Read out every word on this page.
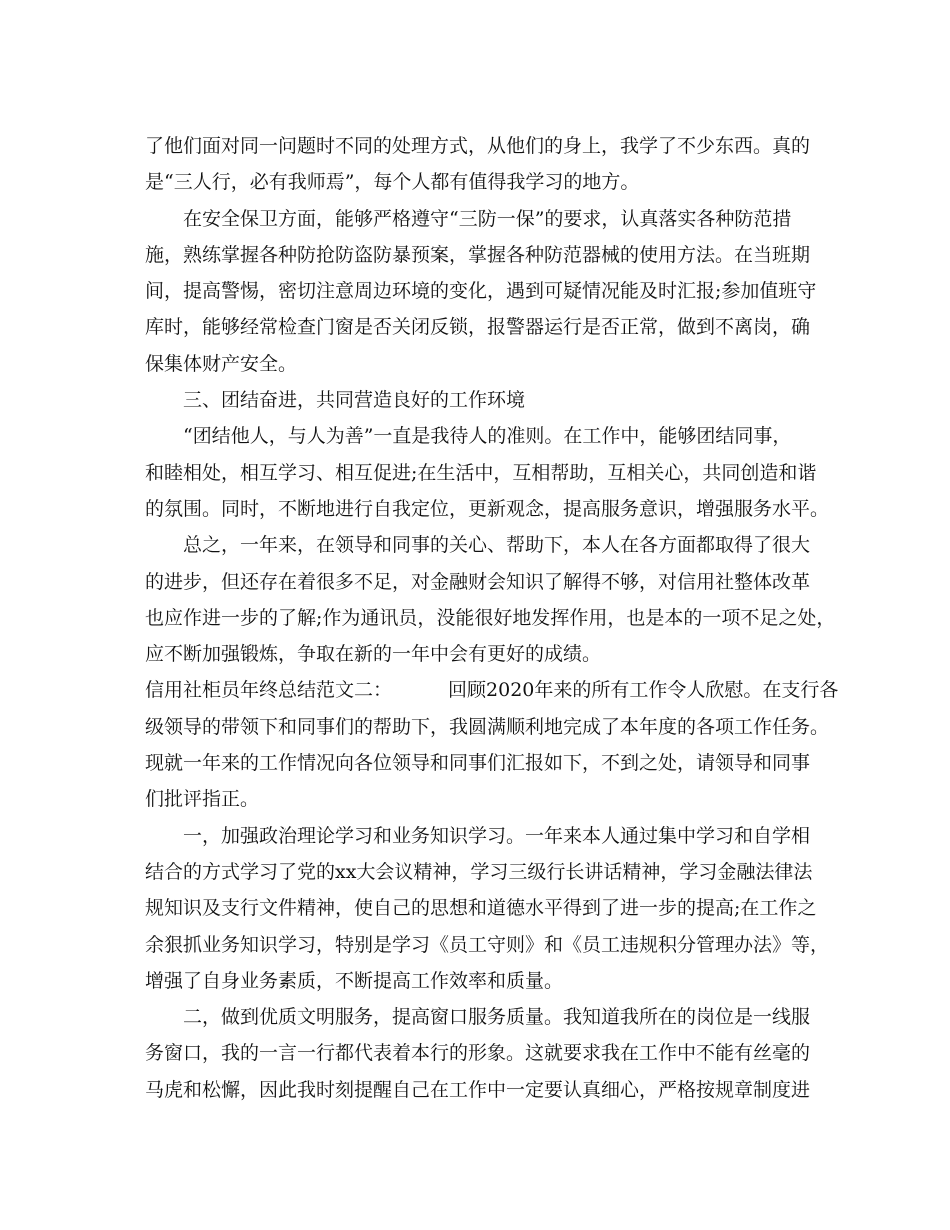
了他们面对同一问题时不同的处理方式，从他们的身上，我学了不少东西。真的
是“三人行，必有我师焉”，每个人都有值得我学习的地方。
在安全保卫方面，能够严格遵守“三防一保”的要求，认真落实各种防范措
施，熟练掌握各种防抢防盗防暴预案，掌握各种防范器械的使用方法。在当班期
间，提高警惕，密切注意周边环境的变化，遇到可疑情况能及时汇报;参加值班守
库时，能够经常检查门窗是否关闭反锁，报警器运行是否正常，做到不离岗，确
保集体财产安全。
三、团结奋进，共同营造良好的工作环境
“团结他人，与人为善”一直是我待人的准则。在工作中，能够团结同事，
和睦相处，相互学习、相互促进;在生活中，互相帮助，互相关心，共同创造和谐
的氛围。同时，不断地进行自我定位，更新观念，提高服务意识，增强服务水平。
总之，一年来，在领导和同事的关心、帮助下，本人在各方面都取得了很大
的进步，但还存在着很多不足，对金融财会知识了解得不够，对信用社整体改革
也应作进一步的了解;作为通讯员，没能很好地发挥作用，也是本的一项不足之处，
应不断加强锻炼，争取在新的一年中会有更好的成绩。
信用社柜员年终总结范文二：	回顾2020年来的所有工作令人欣慰。在支行各
级领导的带领下和同事们的帮助下，我圆满顺利地完成了本年度的各项工作任务。
现就一年来的工作情况向各位领导和同事们汇报如下，不到之处，请领导和同事
们批评指正。
一，加强政治理论学习和业务知识学习。一年来本人通过集中学习和自学相
结合的方式学习了党的xx大会议精神，学习三级行长讲话精神，学习金融法律法
规知识及支行文件精神，使自己的思想和道德水平得到了进一步的提高;在工作之
余狠抓业务知识学习，特别是学习《员工守则》和《员工违规积分管理办法》等，
增强了自身业务素质，不断提高工作效率和质量。
二，做到优质文明服务，提高窗口服务质量。我知道我所在的岗位是一线服
务窗口，我的一言一行都代表着本行的形象。这就要求我在工作中不能有丝毫的
马虎和松懈，因此我时刻提醒自己在工作中一定要认真细心，严格按规章制度进
